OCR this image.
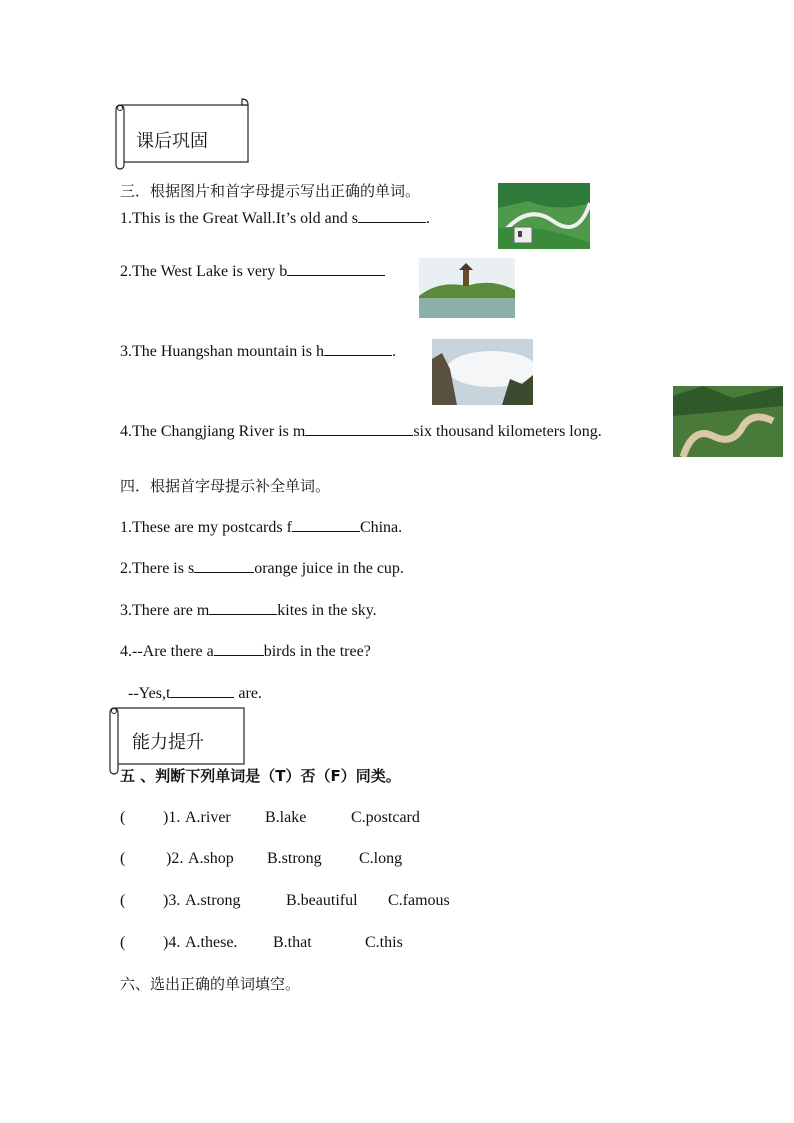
课后巩固
三．根据图片和首字母提示写出正确的单词。
1.This is the Great Wall.It’s old and s	.
2.The West Lake is very b
3.The Huangshan mountain is h	.
4.The Changjiang River is m	six thousand kilometers long.
四．根据首字母提示补全单词。
1.These are my postcards f	China.
2.There is s	orange juice in the cup.
3.There are m	kites in the sky.
4.--Are there a	birds in the tree?
--Yes,t	are.
能力提升
五 、判断下列单词是（T）否（F）同类。
( )1. A.river B.lake	C.postcard
(	)2. A.shop B.strong C.long
( )3. A.strong	B.beautiful C.famous
( )4. A.these. B.that	C.this
六、选出正确的单词填空。
